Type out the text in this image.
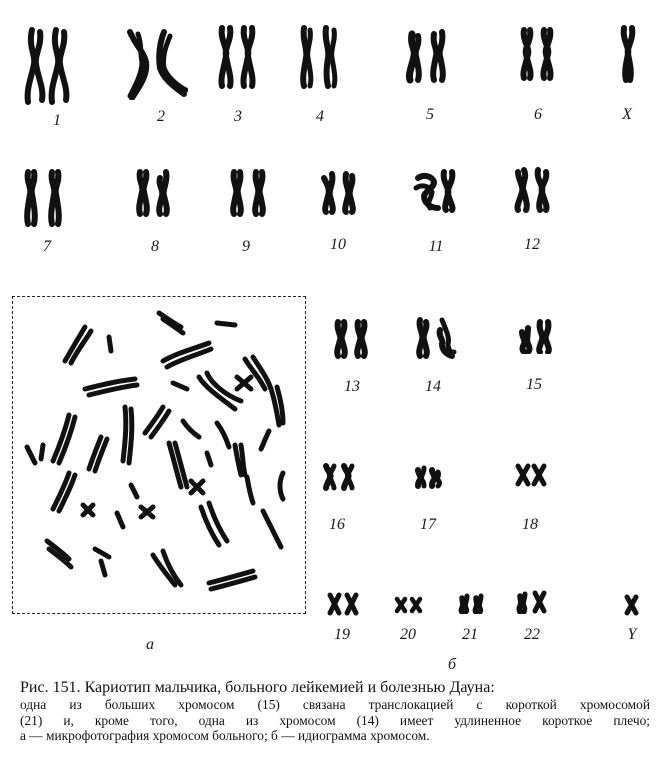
1	2	3	4	5	6	X
7	8	9	10	11	12
а
13	14	15
16	17	18
19	20	21	22	Y
б
Рис. 151. Кариотип мальчика, больного лейкемией и болезнью Дауна:
одна из больших хромосом (15) связана транслокацией с короткой хромосомой
(21) и, кроме того, одна из хромосом (14) имеет удлиненное короткое плечо;
а — микрофотография хромосом больного; б — идиограмма хромосом.
